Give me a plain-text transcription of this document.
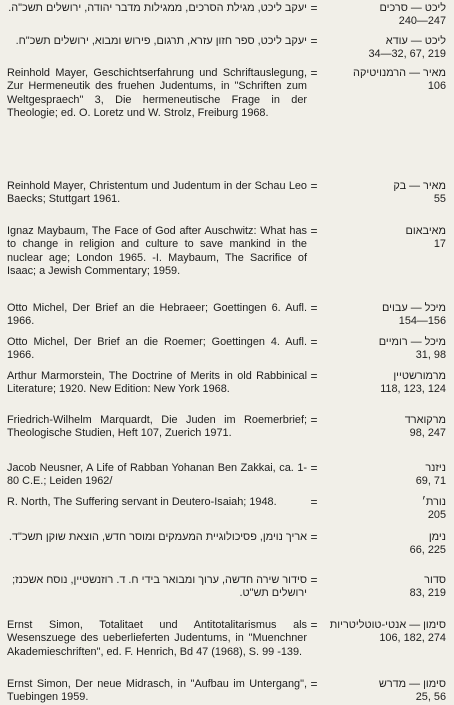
יעקב ליכט, מגילת הסרכים, ממגילות מדבר יהודה, ירושלים תשכ"ה. =	ליכט — סרכים
240—247
יעקב ליכט, ספר חזון עזרא, תרגום, פירוש ומבוא, ירושלים תשכ"ח. =	ליכט — עודא
34—32, 67, 219
Reinhold Mayer, Geschichtserfahrung und Schriftauslegung, Zur Hermeneutik des fruehen Judentums, in "Schriften zum Weltgespraech" 3, Die hermeneutische Frage in der Theologie; ed. O. Loretz und W. Strolz, Freiburg 1968.
=	מאיר — הרמנויטיקה
106
Reinhold Mayer, Christentum und Judentum in der Schau Leo Baecks; Stuttgart 1961.
=	מאיר — בק
55
Ignaz Maybaum, The Face of God after Auschwitz: What has to change in religion and culture to save mankind in the nuclear age; London 1965. -I. Maybaum, The Sacrifice of Isaac; a Jewish Commentary; 1959.
=	מאיבאום
17
Otto Michel, Der Brief an die Hebraeer; Goettingen 6. Aufl. 1966.
=	מיכל — עבוים
154—156
Otto Michel, Der Brief an die Roemer; Goettingen 4. Aufl. 1966.
=	מיכל — רומיים
31, 98
Arthur Marmorstein, The Doctrine of Merits in old Rabbinical Literature; 1920. New Edition: New York 1968.
=	מרמורשטיין
118, 123, 124
Friedrich-Wilhelm Marquardt, Die Juden im Roemerbrief; Theologische Studien, Heft 107, Zuerich 1971.
=	מרקוארד
98, 247
Jacob Neusner, A Life of Rabban Yohanan Ben Zakkai, ca. 1-80 C.E.; Leiden 1962/
=	ניזנר
69, 71
R. North, The Suffering servant in Deutero-Isaiah; 1948.	=	נורת׳
205
אריך נוימן, פסיכולוגיית המעמקים ומוסר חדש, הוצאת שוקן תשכ"ד. =	נימן
66, 225
סידור שירה חדשה, ערוך ומבואר בידי ח. ד. רוזנשטיין, נוסח אשכנז; ירושלים תש"ט.
=	סדור
83, 219
Ernst Simon, Totalitaet und Antitotalitarismus als Wesenszuege des ueberlieferten Judentums, in "Muenchner Akademieschriften", ed. F. Henrich, Bd 47 (1968), S. 99 -139.
=	סימון — אנטי-טוטליטריות
106, 182, 274
Ernst Simon, Der neue Midrasch, in "Aufbau im Untergang", Tuebingen 1959.
=	סימון — מדרש
25, 56
